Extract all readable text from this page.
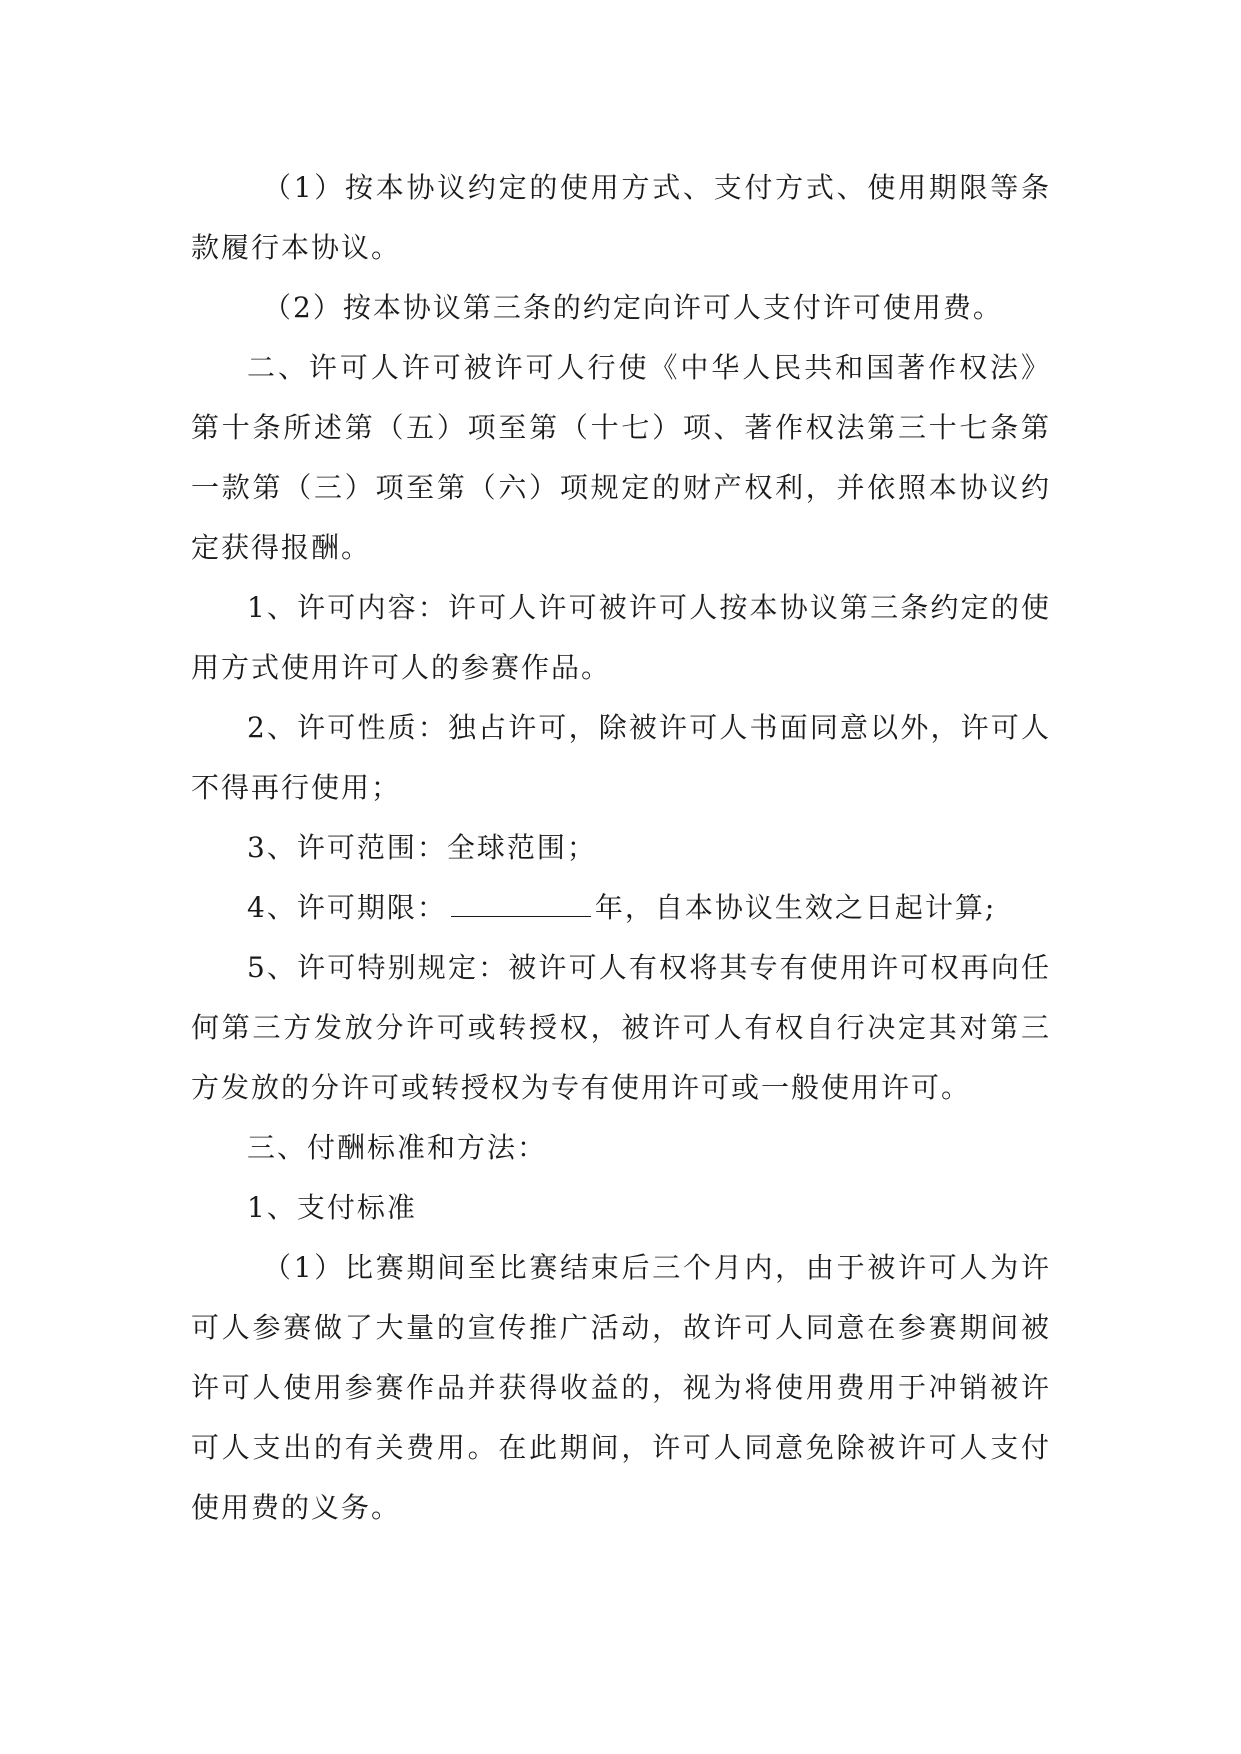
（1）按本协议约定的使用方式、支付方式、使用期限等条款履行本协议。

（2）按本协议第三条的约定向许可人支付许可使用费。

二、许可人许可被许可人行使《中华人民共和国著作权法》第十条所述第（五）项至第（十七）项、著作权法第三十七条第一款第（三）项至第（六）项规定的财产权利，并依照本协议约定获得报酬。

1、许可内容：许可人许可被许可人按本协议第三条约定的使用方式使用许可人的参赛作品。

2、许可性质：独占许可，除被许可人书面同意以外，许可人不得再行使用；

3、许可范围：全球范围；

4、许可期限：	年，自本协议生效之日起计算;

5、许可特别规定：被许可人有权将其专有使用许可权再向任何第三方发放分许可或转授权，被许可人有权自行决定其对第三方发放的分许可或转授权为专有使用许可或一般使用许可。

三、付酬标准和方法：

1、支付标准

（1）比赛期间至比赛结束后三个月内，由于被许可人为许可人参赛做了大量的宣传推广活动，故许可人同意在参赛期间被许可人使用参赛作品并获得收益的，视为将使用费用于冲销被许可人支出的有关费用。在此期间，许可人同意免除被许可人支付使用费的义务。
